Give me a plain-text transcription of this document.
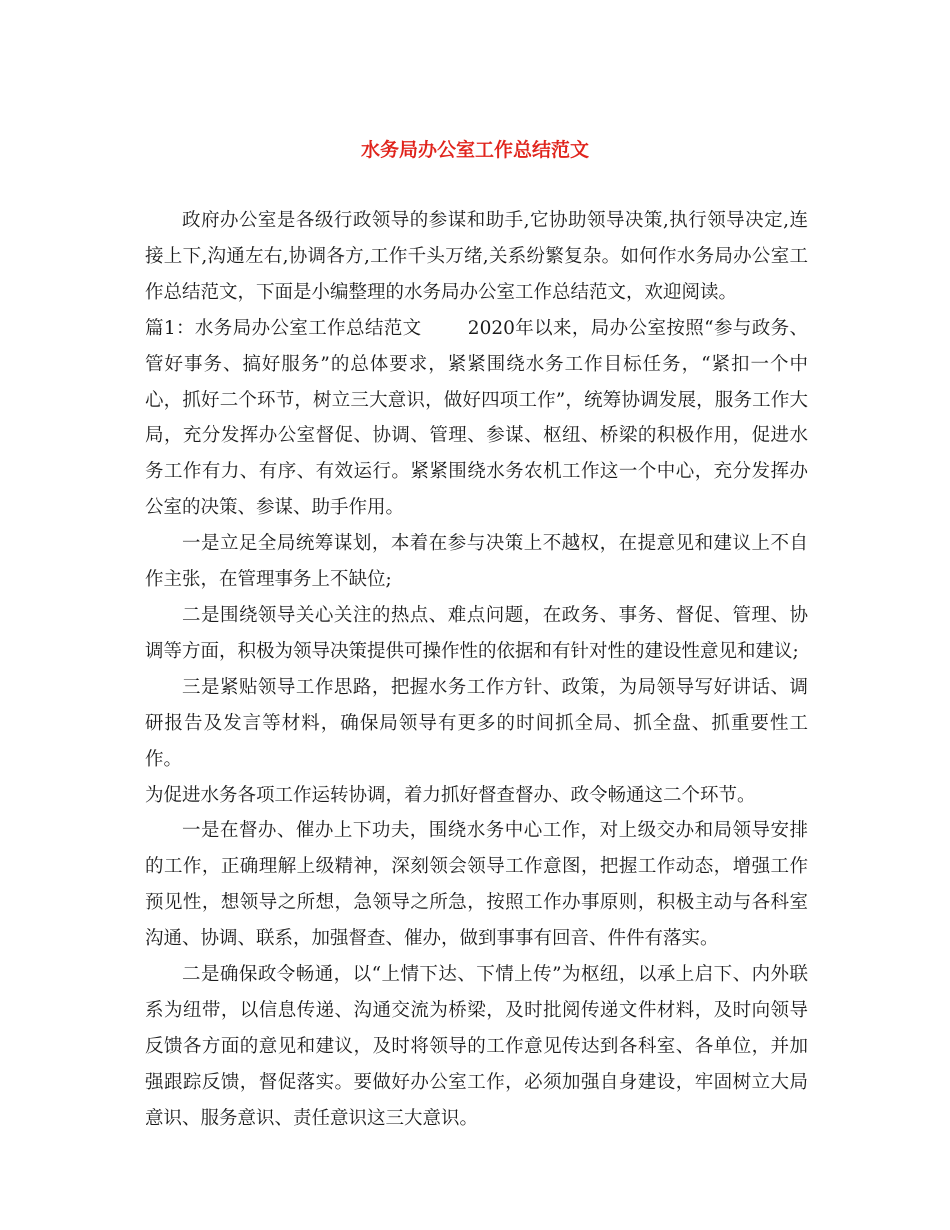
水务局办公室工作总结范文

政府办公室是各级行政领导的参谋和助手,它协助领导决策,执行领导决定,连接上下,沟通左右,协调各方,工作千头万绪,关系纷繁复杂。如何作水务局办公室工作总结范文，下面是小编整理的水务局办公室工作总结范文，欢迎阅读。

篇1：水务局办公室工作总结范文	2020年以来，局办公室按照“参与政务、管好事务、搞好服务”的总体要求，紧紧围绕水务工作目标任务，“紧扣一个中心，抓好二个环节，树立三大意识，做好四项工作”，统筹协调发展，服务工作大局，充分发挥办公室督促、协调、管理、参谋、枢纽、桥梁的积极作用，促进水务工作有力、有序、有效运行。紧紧围绕水务农机工作这一个中心，充分发挥办公室的决策、参谋、助手作用。

一是立足全局统筹谋划，本着在参与决策上不越权，在提意见和建议上不自作主张，在管理事务上不缺位;

二是围绕领导关心关注的热点、难点问题，在政务、事务、督促、管理、协调等方面，积极为领导决策提供可操作性的依据和有针对性的建设性意见和建议;

三是紧贴领导工作思路，把握水务工作方针、政策，为局领导写好讲话、调研报告及发言等材料，确保局领导有更多的时间抓全局、抓全盘、抓重要性工作。

为促进水务各项工作运转协调，着力抓好督查督办、政令畅通这二个环节。

一是在督办、催办上下功夫，围绕水务中心工作，对上级交办和局领导安排的工作，正确理解上级精神，深刻领会领导工作意图，把握工作动态，增强工作预见性，想领导之所想，急领导之所急，按照工作办事原则，积极主动与各科室沟通、协调、联系，加强督查、催办，做到事事有回音、件件有落实。

二是确保政令畅通，以“上情下达、下情上传”为枢纽，以承上启下、内外联系为纽带，以信息传递、沟通交流为桥梁，及时批阅传递文件材料，及时向领导反馈各方面的意见和建议，及时将领导的工作意见传达到各科室、各单位，并加强跟踪反馈，督促落实。要做好办公室工作，必须加强自身建设，牢固树立大局意识、服务意识、责任意识这三大意识。
